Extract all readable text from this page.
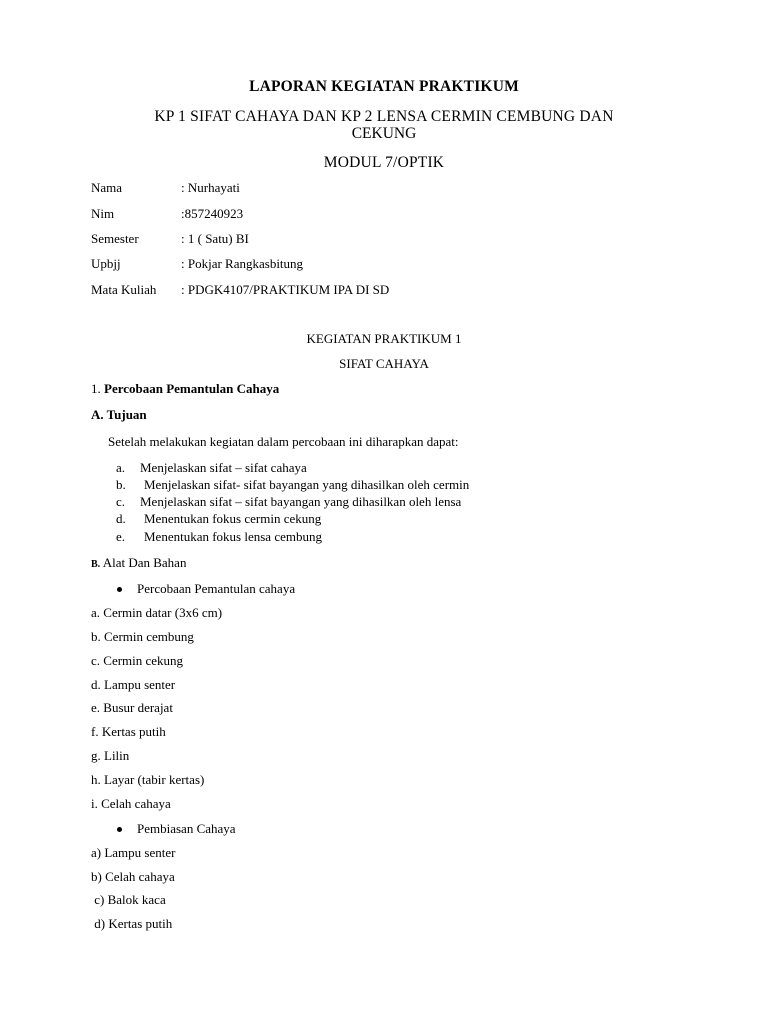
LAPORAN KEGIATAN PRAKTIKUM
KP 1 SIFAT CAHAYA DAN KP 2 LENSA CERMIN CEMBUNG DAN
CEKUNG
MODUL 7/OPTIK
Nama	: Nurhayati
Nim	:857240923
Semester	: 1 ( Satu) BI
Upbjj	: Pokjar Rangkasbitung
Mata Kuliah : PDGK4107/PRAKTIKUM IPA DI SD
KEGIATAN PRAKTIKUM 1
SIFAT CAHAYA
1. Percobaan Pemantulan Cahaya
A. Tujuan
Setelah melakukan kegiatan dalam percobaan ini diharapkan dapat:
a.	Menjelaskan sifat – sifat cahaya
b.	Menjelaskan sifat- sifat bayangan yang dihasilkan oleh cermin
c.	Menjelaskan sifat – sifat bayangan yang dihasilkan oleh lensa
d.	Menentukan fokus cermin cekung
e.	Menentukan fokus lensa cembung
B. Alat Dan Bahan
Percobaan Pemantulan cahaya
a. Cermin datar (3x6 cm)
b. Cermin cembung
c. Cermin cekung
d. Lampu senter
e. Busur derajat
f. Kertas putih
g. Lilin
h. Layar (tabir kertas)
i. Celah cahaya
Pembiasan Cahaya
a) Lampu senter
b) Celah cahaya
c) Balok kaca
d) Kertas putih
